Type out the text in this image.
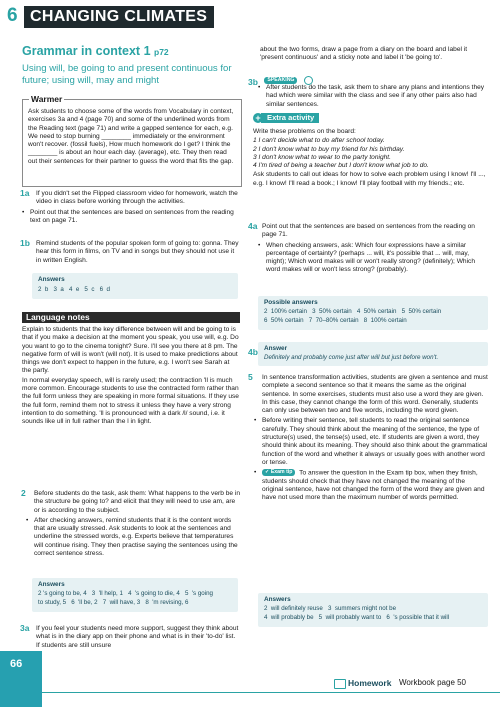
6 CHANGING CLIMATES
Grammar in context 1 p72
Using will, be going to and present continuous for future; using will, may and might
Warmer
Ask students to choose some of the words from Vocabulary in context, exercises 3a and 4 (page 70) and some of the underlined words from the Reading text (page 71) and write a gapped sentence for each, e.g. We need to stop burning ________ immediately or the environment won't recover. (fossil fuels), How much homework do I get? I think the ________ is about an hour each day. (average), etc. They then read out their sentences for their partner to guess the word that fits the gap.
1a If you didn't set the Flipped classroom video for homework, watch the video in class before working through the activities.
• Point out that the sentences are based on sentences from the reading text on page 71.
1b Remind students of the popular spoken form of going to: gonna. They hear this form in films, on TV and in songs but they should not use it in written English.
Answers
2  b   3  a   4  e   5  c   6  d
Language notes

Explain to students that the key difference between will and be going to is that if you make a decision at the moment you speak, you use will, e.g. Do you want to go to the cinema tonight? Sure. I'll see you there at 8 pm. The negative form of will is won't (will not). It is used to make predictions about things we don't expect to happen in the future, e.g. I won't see Sarah at the party.

In normal everyday speech, will is rarely used; the contraction 'll is much more common. Encourage students to use the contracted form rather than the full form unless they are speaking in more formal situations. If they use the full form, remind them not to stress it unless they have a very strong intention to do something. 'll is pronounced with a dark /l/ sound, i.e. it sounds like ull in full rather than the l in light.

2 Before students do the task, ask them: What happens to the verb be in the structure be going to? and elicit that they will need to use am, are or is according to the subject.
• After checking answers, remind students that it is the content words that are usually stressed. Ask students to look at the sentences and underline the stressed words, e.g. Experts believe that temperatures will continue rising. They then practise saying the sentences using the correct sentence stress.
Answers
2 's going to be, 4   3  'll help, 1   4  's going to die, 4   5  's going
to study, 5   6  'll be, 2   7  will have, 3   8  'm revising, 6
3a If you feel your students need more support, suggest they think about what is in the diary app on their phone and what is in their 'to-do' list. If students are still unsure
about the two forms, draw a page from a diary on the board and label it 'present continuous' and a sticky note and label it 'be going to'.
3b SPEAKING
• After students do the task, ask them to share any plans and intentions they had which were similar with the class and see if any other pairs also had similar sentences.
+ Extra activity

Write these problems on the board:

1 I can't decide what to do after school today.
2 I don't know what to buy my friend for his birthday.
3 I don't know what to wear to the party tonight.
4 I'm tired of being a teacher but I don't know what job to do.

Ask students to call out ideas for how to solve each problem using I know! I'll ..., e.g. I know! I'll read a book.; I know! I'll play football with my friends.; etc.

4a Point out that the sentences are based on sentences from the reading on page 71.
• When checking answers, ask: Which four expressions have a similar percentage of certainty? (perhaps ... will, it's possible that ... will, may, might); Which word makes will or won't really strong? (definitely); Which word makes will or won't less strong? (probably).
Possible answers
2  100% certain   3  50% certain   4  50% certain   5  50% certain
6  50% certain   7  70–80% certain   8  100% certain
4b Answer
Definitely and probably come just after will but just before won't.
5 In sentence transformation activities, students are given a sentence and must complete a second sentence so that it means the same as the original sentence. In some exercises, students must also use a word they are given. In this case, they cannot change the form of this word. Generally, students can only use between two and five words, including the word given.
• Before writing their sentence, tell students to read the original sentence carefully. They should think about the meaning of the sentence, the type of structure(s) used, the tense(s) used, etc. If students are given a word, they should think about its meaning. They should also think about the grammatical function of the word and whether it always or usually goes with another word or tense.
• ✓ Exam tip To answer the question in the Exam tip box, when they finish, students should check that they have not changed the meaning of the original sentence, have not changed the form of the word they are given and have not used more than the maximum number of words permitted.
Answers
2  will definitely reuse   3  summers might not be
4  will probably be   5  will probably want to   6  's possible that it will
66
Homework Workbook page 50
